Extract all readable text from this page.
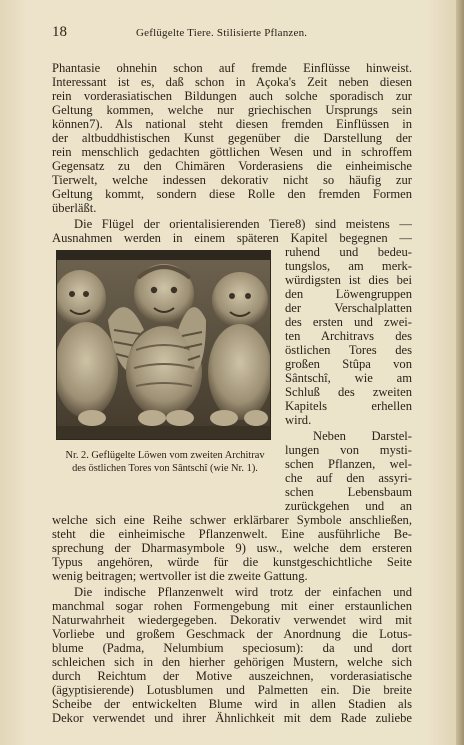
18	Geflügelte Tiere. Stilisierte Pflanzen.
Phantasie ohnehin schon auf fremde Einflüsse hinweist.
Interessant ist es, daß schon in Açoka's Zeit neben diesen
rein vorderasiatischen Bildungen auch solche sporadisch zur
Geltung kommen, welche nur griechischen Ursprungs sein
können7). Als national steht diesen fremden Einflüssen in
der altbuddhistischen Kunst gegenüber die Darstellung der
rein menschlich gedachten göttlichen Wesen und in schroffem
Gegensatz zu den Chimären Vorderasiens die einheimische
Tierwelt, welche indessen dekorativ nicht so häufig zur
Geltung kommt, sondern diese Rolle den fremden Formen
überläßt.
Die Flügel der orientalisierenden Tiere8) sind meistens —
Ausnahmen werden in einem späteren Kapitel begegnen —
Nr. 2. Geflügelte Löwen vom zweiten Architrav
des östlichen Tores von Sântschî (wie Nr. 1).
ruhend und bedeu-
tungslos, am merk-
würdigsten ist dies bei
den Löwengruppen
der Verschalplatten
des ersten und zwei-
ten Architravs des
östlichen Tores des
großen Stûpa von
Sântschî, wie am
Schluß des zweiten
Kapitels erhellen
wird.
Neben Darstel-
lungen von mysti-
schen Pflanzen, wel-
che auf den assyri-
schen Lebensbaum
zurückgehen und an
welche sich eine Reihe schwer erklärbarer Symbole anschließen,
steht die einheimische Pflanzenwelt. Eine ausführliche Be-
sprechung der Dharmasymbole 9) usw., welche dem ersteren
Typus angehören, würde für die kunstgeschichtliche Seite
wenig beitragen; wertvoller ist die zweite Gattung.
Die indische Pflanzenwelt wird trotz der einfachen und
manchmal sogar rohen Formengebung mit einer erstaunlichen
Naturwahrheit wiedergegeben. Dekorativ verwendet wird mit
Vorliebe und großem Geschmack der Anordnung die Lotus-
blume (Padma, Nelumbium speciosum): da und dort
schleichen sich in den hierher gehörigen Mustern, welche sich
durch Reichtum der Motive auszeichnen, vorderasiatische
(ägyptisierende) Lotusblumen und Palmetten ein. Die breite
Scheibe der entwickelten Blume wird in allen Stadien als
Dekor verwendet und ihrer Ähnlichkeit mit dem Rade zuliebe
